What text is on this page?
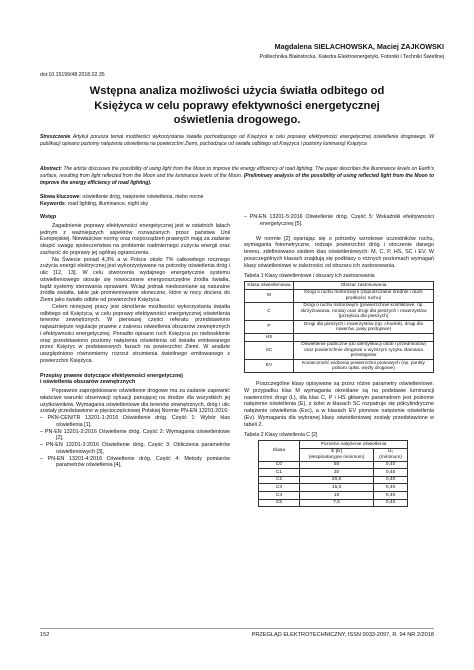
Magdalena SIELACHOWSKA, Maciej ZAJKOWSKI
Politechnika Białostocka, Katedra Elektroenergetyki, Fotoniki i Techniki Świetlnej
doi:10.15199/48.2018.02.35
Wstępna analiza możliwości użycia światła odbitego od
Księżyca w celu poprawy efektywności energetycznej
oświetlenia drogowego.
Streszczenie Artykuł porusza temat możliwości wykorzystania światła pochodzącego od Księżyca w celu poprawy efektywności energetycznej oświetlenia drogowego. W publikacji opisano poziomy natężenia oświetlenia na powierzchni Ziemi, pochodzące od światła odbitego od Księżyca i poziomy luminancji Księżyca
Abstract: The article discusses the possibility of using light from the Moon to improve the energy efficiency of road lighting. The paper describes the illuminance levels on Earth's surface, resulting from light reflected from the Moon and the luminance levels of the Moon. (Preliminary analysis of the possibility of using reflected light from the Moon to improve the energy efficiency of road lighting).
Słowa kluczowe: oświetlenie dróg, natężenie oświetlenia, niebo nocne
Keywords: road lighting, illuminance, night sky
Wstęp

Zagadnienie poprawy efektywności energetycznej jest w ostatnich latach jednym z ważniejszych aspektów rozważanych przez państwa Unii Europejskiej. Niewłaściwe normy oraz rozporządzeń prawnych mają za zadanie skupić uwagę społeczeństwa na problemie nadmiernego zużycia energii oraz zachęcić do poprawy jej ogólnej ograniczenia.

Na Świecie ponad 4,3% a w Polsce około 7% całkowitego rocznego zużycia energii elektrycznej jest wykorzystywane na potrzeby oświetlenia dróg i ulic [12, 13]. W celu stworzenia wydajnego energetycznie systemu oświetleniowego stosuje się nowoczesne energooszczędne źródła światła, bądź systemy sterowania oprawami. Wciąż jednak niedoceniane są naturalne źródła światła, takie jak promieniowanie słoneczne, które w nocy dociera do Ziemi jako światło odbite od powierzchni Księżyca.

Celem niniejszej pracy jest określenie możliwości wykorzystania światła odbitego od Księżyca, w celu poprawy efektywności energetycznej oświetlenia terenów zewnętrznych. W pierwszej części referatu przedstawiono najważniejsze regulacje prawne z zakresu oświetlenia obszarów zewnętrznych i efektywności energetycznej. Ponadto opisano ruch Księżyca po nieboskłonie oraz przedstawiono poziomy natężenia oświetlenia od światła emitowanego przez Księżyc w podstawowych fazach na powierzchni Ziemi. W analizie uwzględniono równomierny rozrzut strumienia świetlnego emitowanego z powierzchni Księżyca.

Przepisy prawne dotyczące efektywności energetycznej
i oświetlenia obszarów zewnętrznych

Poprawnie zaprojektowane oświetlenie drogowe ma za zadanie zapewnić właściwe warunki obserwacji sytuacji panującej na drodze dla wszystkich jej użytkowników. Wymagania oświetleniowe dla terenów zewnętrznych, dróg i ulic zostały przedstawione w pięcioczęściowej Polskiej Normie PN-EN 13201:2016:

– PKN-CEN/TR 13201-1:2016 Oświetlenie dróg. Część 1: Wybór klas oświetlenia [1],

– PN-EN 13201-2:2016 Oświetlenie dróg. Część 2: Wymagania oświetleniowe [2],

– PN-EN 13201-3:2016 Oświetlenie dróg. Część 3: Obliczenia parametrów oświetleniowych [3],

– PN-EN 13201-4:2016 Oświetlenie dróg. Część 4: Metody pomiarów parametrów oświetlenia [4],

– PN-EN 13201-5:2016 Oświetlenie dróg. Część 5: Wskaźniki efektywności energetycznej [5].

W normie [2] opierając się o potrzeby wzrokowe uczestników ruchu, wymagania fotometryczne, rodzaje powierzchni dróg i otoczenie danego terenu, zdefiniowano siedem klas oświetleniowych: M, C, P, HS, SC i EV. W poszczególnych klasach znajdują się podklasy o różnych poziomach wymagań klasy oświetleniowe w zależności od obszaru ich zastosowania.

Tabela 1 Klasy oświetleniowe i obszary ich zastosowania
Klasa oświetleniowa	Obszar zastosowania
M	Drogi o ruchu motorowym (dopuszczalne średnie i duże prędkości ruchu)
C	Drogi o ruchu motorowym (powierzchnie konfliktowe, np. skrzyżowania, ronda) oraz drogi dla pieszych i rowerzystów (przejścia dla pieszych)
P	Drogi dla pieszych i rowerzystów (np. chodniki, drogi dla rowerów, pasy postojowe)
HS	
SC	Oświetlenie publiczne (do identyfikacji osób i przedmiotów) oraz powierzchnie drogowe o wyższym ryzyku złamania przestępstw
EV	Konieczność widzenia powierzchni pionowych (np. punkty poboru opłat, węzły drogowe)

Poszczególne klasy opisywane są przez różne parametry oświetleniowe. W przypadku klas M wymagania określane są na podstawie luminancji nawierzchni drogi (L), dla klas C, P i HS głównym parametrem jest poziome natężenie oświetlenia (E), z kolei w klasach SC rozpatruje się półcylindryczne natężenie oświetlenia (Esc), a w klasach EV pionowe natężenie oświetlenia (Ev). Wymagania dla wybranej klasy oświetleniowej zostały przedstawione w tabeli 2.

Tabela 2 Klasy oświetlenia C [2]
Klasa	Poziome natężenie oświetlenia	
	Ē [lx]
(eksploatacyjne minimum)	U₀
(minimum)
C0	50	0,40
C1	30	0,40
C2	20,0	0,40
C3	15,0	0,40
C4	10	0,40
C5	7,5	0,40
152	PRZEGLĄD ELEKTROTECHNICZNY, ISSN 0033-2097, R. 94 NR 2/2018
